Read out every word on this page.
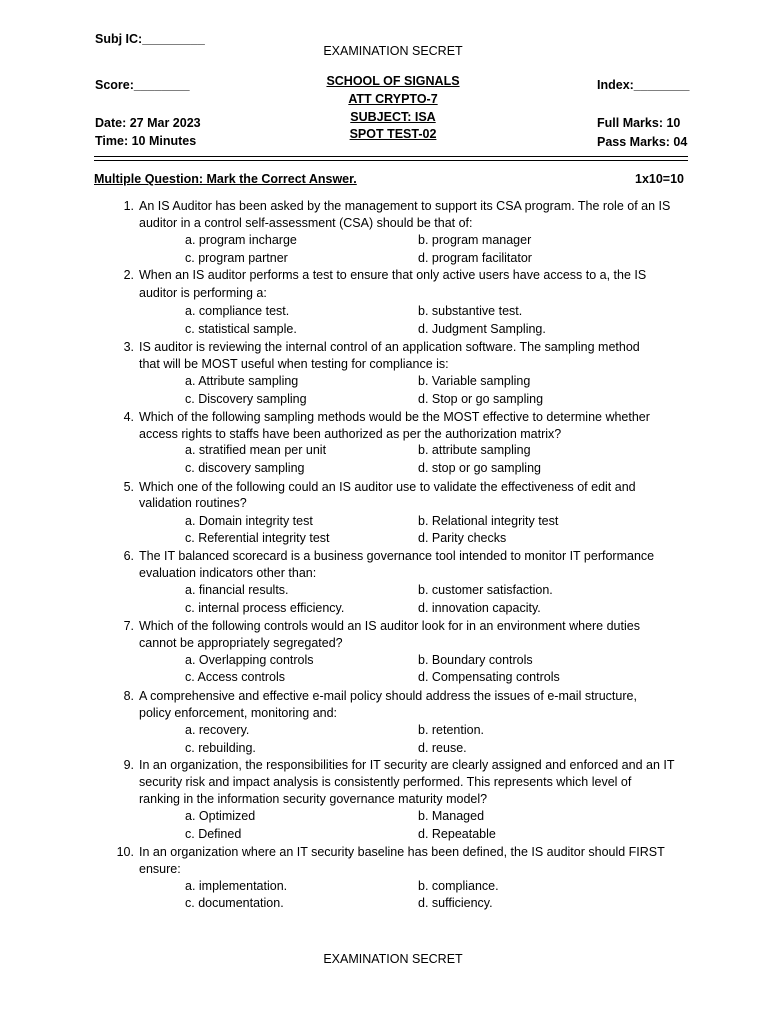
Subj IC:_________
EXAMINATION SECRET
Score:________	SCHOOL OF SIGNALS
ATT CRYPTO-7
SUBJECT: ISA
SPOT TEST-02
Index:________
Date: 27 Mar 2023
Time: 10 Minutes
Full Marks: 10
Pass Marks: 04
Multiple Question: Mark the Correct Answer.	1x10=10
1. An IS Auditor has been asked by the management to support its CSA program. The role of an IS
auditor in a control self-assessment (CSA) should be that of:
a. program incharge	b. program manager
c. program partner	d. program facilitator
2. When an IS auditor performs a test to ensure that only active users have access to a, the IS
auditor is performing a:
a. compliance test.	b. substantive test.
c. statistical sample.	d. Judgment Sampling.
3. IS auditor is reviewing the internal control of an application software. The sampling method
that will be MOST useful when testing for compliance is:
a. Attribute sampling	b. Variable sampling
c. Discovery sampling	d. Stop or go sampling
4. Which of the following sampling methods would be the MOST effective to determine whether
access rights to staffs have been authorized as per the authorization matrix?
a. stratified mean per unit	b. attribute sampling
c. discovery sampling	d. stop or go sampling
5. Which one of the following could an IS auditor use to validate the effectiveness of edit and
validation routines?
a. Domain integrity test	b. Relational integrity test
c. Referential integrity test	d. Parity checks
6. The IT balanced scorecard is a business governance tool intended to monitor IT performance
evaluation indicators other than:
a. financial results.	b. customer satisfaction.
c. internal process efficiency.	d. innovation capacity.
7. Which of the following controls would an IS auditor look for in an environment where duties
cannot be appropriately segregated?
a. Overlapping controls	b. Boundary controls
c. Access controls	d. Compensating controls
8. A comprehensive and effective e-mail policy should address the issues of e-mail structure,
policy enforcement, monitoring and:
a. recovery.	b. retention.
c. rebuilding.	d. reuse.
9. In an organization, the responsibilities for IT security are clearly assigned and enforced and an IT
security risk and impact analysis is consistently performed. This represents which level of
ranking in the information security governance maturity model?
a. Optimized	b. Managed
c. Defined	d. Repeatable
10. In an organization where an IT security baseline has been defined, the IS auditor should FIRST
ensure:
a. implementation.	b. compliance.
c. documentation.	d. sufficiency.
EXAMINATION SECRET
